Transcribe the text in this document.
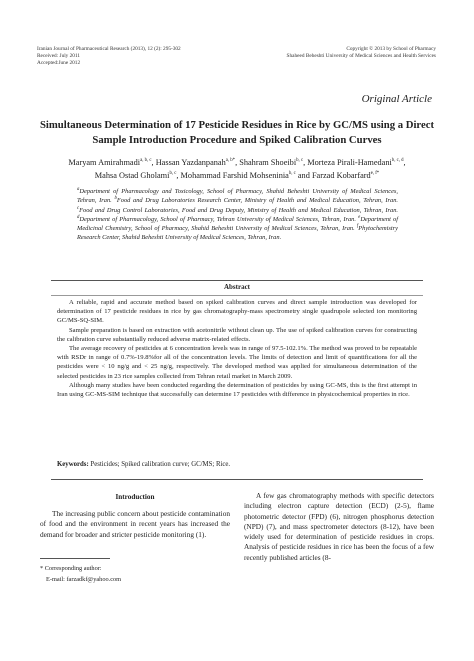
Iranian Journal of Pharmaceutical Research (2013), 12 (2): 295-302
Received: July 2011
Accepted:June 2012
Copyright © 2013 by School of Pharmacy
Shaheed Beheshti University of Medical Sciences and Health Services
Original Article
Simultaneous Determination of 17 Pesticide Residues in Rice by GC/MS using a Direct Sample Introduction Procedure and Spiked Calibration Curves
Maryam Amirahmadi$^{a, b, c}$, Hassan Yazdanpanah$^{a, b*}$, Shahram Shoeibi$^{b, c}$, Morteza Pirali-Hamedani$^{b, c, d}$,
Mahsa Ostad Gholami$^{b, c}$, Mohammad Farshid Mohseninia$^{b, c}$ and Farzad Kobarfard$^{e, f*}$
$^a$Department of Pharmacology and Toxicology, School of Pharmacy, Shahid Beheshti University of Medical Sciences, Tehran, Iran. $^b$Food and Drug Laboratories Research Center, Ministry of Health and Medical Education, Tehran, Iran. $^c$Food and Drug Control Laboratories, Food and Drug Deputy, Ministry of Health and Medical Education, Tehran, Iran. $^d$Department of Pharmacology, School of Pharmacy, Tehran University of Medical Sciences, Tehran, Iran. $^e$Department of Medicinal Chemistry, School of Pharmacy, Shahid Beheshti University of Medical Sciences, Tehran, Iran. $^f$Phytochemistry Research Center, Shahid Beheshti University of Medical Sciences, Tehran, Iran.
Abstract

A reliable, rapid and accurate method based on spiked calibration curves and direct sample introduction was developed for determination of 17 pesticide residues in rice by gas chromatography-mass spectrometry single quadrupole selected ion monitoring GC/MS-SQ-SIM.

Sample preparation is based on extraction with acetonitrile without clean up. The use of spiked calibration curves for constructing the calibration curve substantially reduced adverse matrix-related effects.

The average recovery of pesticides at 6 concentration levels was in range of 97.5-102.1%. The method was proved to be repeatable with RSDr in range of 0.7%-19.8%for all of the concentration levels. The limits of detection and limit of quantifications for all the pesticides were < 10 ng/g and < 25 ng/g, respectively. The developed method was applied for simultaneous determination of the selected pesticides in 23 rice samples collected from Tehran retail market in March 2009.

Although many studies have been conducted regarding the determination of pesticides by using GC-MS, this is the first attempt in Iran using GC-MS-SIM technique that successfully can determine 17 pesticides with difference in physicochemical properties in rice.

Keywords: Pesticides; Spiked calibration curve; GC/MS; Rice.
Introduction

The increasing public concern about pesticide contamination of food and the environment in recent years has increased the demand for broader and stricter pesticide monitoring (1).

* Corresponding author:
E-mail: farzadkf@yahoo.com

A few gas chromatography methods with specific detectors including electron capture detection (ECD) (2-5), flame photometric detector (FPD) (6), nitrogen phosphorus detection (NPD) (7), and mass spectrometer detectors (8-12), have been widely used for determination of pesticide residues in crops. Analysis of pesticide residues in rice has been the focus of a few recently published articles (8-
